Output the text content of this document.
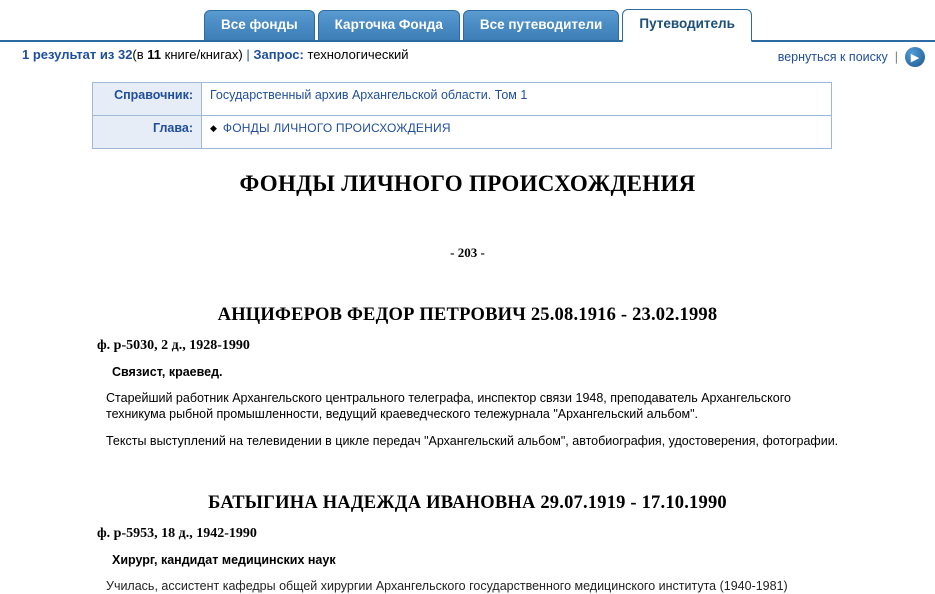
Все фонды	Карточка Фонда	Все путеводители	Путеводитель
1 результат из 32(в 11 книге/книгах) | Запрос: технологический	вернуться к поиску |	▶
Справочник:	Государственный архив Архангельской области. Том 1
Глава:	◆ ФОНДЫ ЛИЧНОГО ПРОИСХОЖДЕНИЯ
ФОНДЫ ЛИЧНОГО ПРОИСХОЖДЕНИЯ
- 203 -
АНЦИФЕРОВ ФЕДОР ПЕТРОВИЧ 25.08.1916 - 23.02.1998
ф. р-5030, 2 д., 1928-1990
Связист, краевед.
Старейший работник Архангельского центрального телеграфа, инспектор связи 1948, преподаватель Архангельского техникума рыбной промышленности, ведущий краеведческого тележурнала "Архангельский альбом".
Тексты выступлений на телевидении в цикле передач "Архангельский альбом", автобиография, удостоверения, фотографии.
БАТЫГИНА НАДЕЖДА ИВАНОВНА 29.07.1919 - 17.10.1990
ф. р-5953, 18 д., 1942-1990
Хирург, кандидат медицинских наук
Училась, ассистент кафедры общей хирургии Архангельского государственного медицинского института (1940-1981)
